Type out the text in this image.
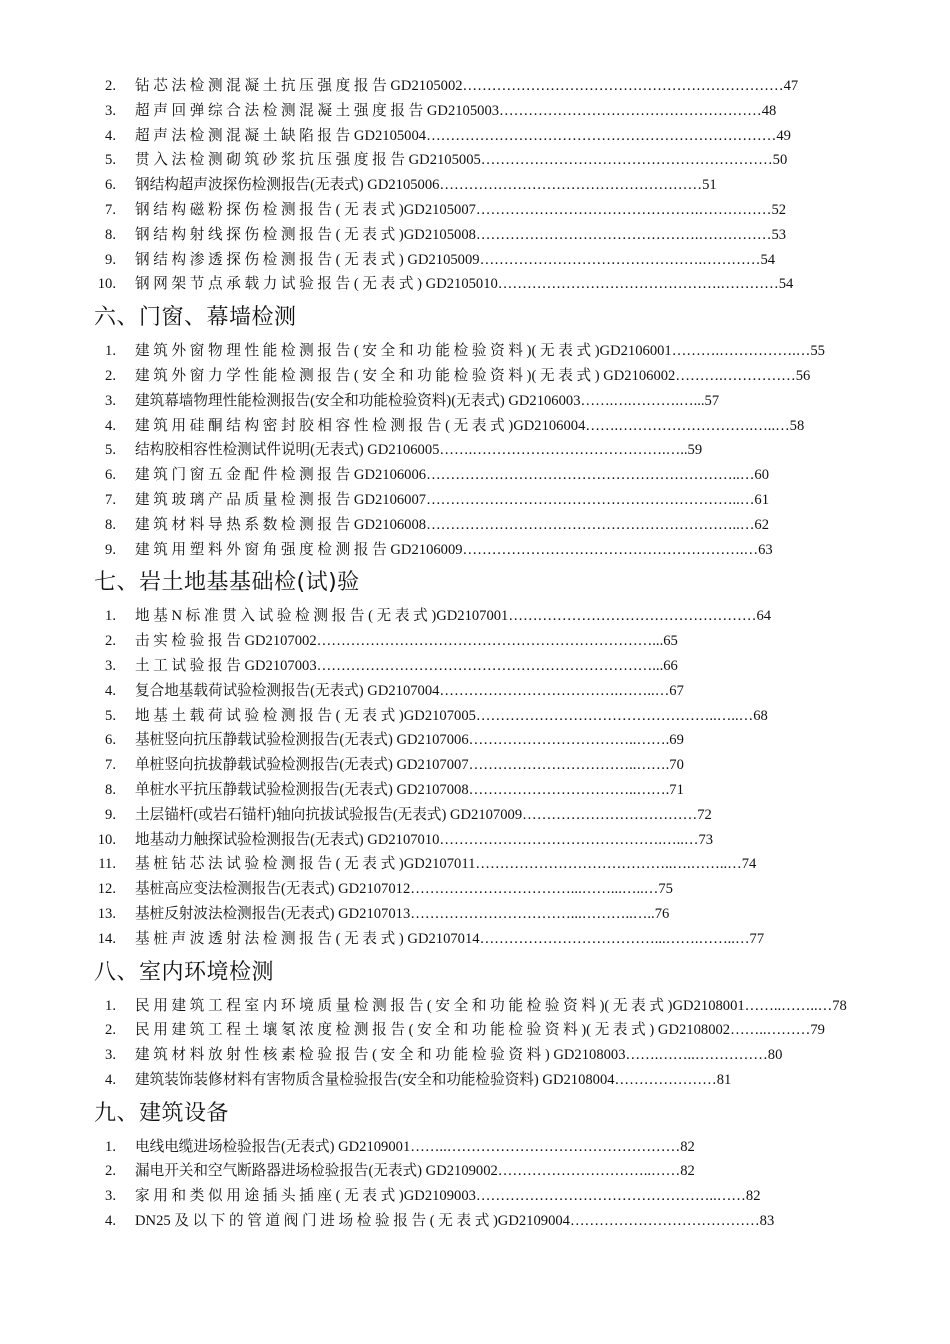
2. 钻 芯 法 检 测 混 凝 土 抗 压 强 度 报 告 GD2105002…………………………………………………………47
3. 超 声 回 弹 综 合 法 检 测 混 凝 土 强 度 报 告 GD2105003………………………………………………48
4. 超 声 法 检 测 混 凝 土 缺 陷 报 告 GD2105004………………………………………………………………49
5. 贯 入 法 检 测 砌 筑 砂 浆 抗 压 强 度 报 告 GD2105005……………………………………………………50
6. 钢结构超声波探伤检测报告(无表式) GD2105006………………………………………………51
7. 钢 结 构 磁 粉 探 伤 检 测 报 告 ( 无 表 式 )GD2105007……………………………………….……………52
8. 钢 结 构 射 线 探 伤 检 测 报 告 ( 无 表 式 )GD2105008……………………………………….……………53
9. 钢 结 构 渗 透 探 伤 检 测 报 告 ( 无 表 式 ) GD2105009……………………………………….…………54
10. 钢 网 架 节 点 承 载 力 试 验 报 告 ( 无 表 式 ) GD2105010……………………………………….…………54
六、门窗、幕墙检测
1. 建 筑 外 窗 物 理 性 能 检 测 报 告 ( 安 全 和 功 能 检 验 资 料 )( 无 表 式 )GD2106001……….…………….…55
2. 建 筑 外 窗 力 学 性 能 检 测 报 告 ( 安 全 和 功 能 检 验 资 料 )( 无 表 式 ) GD2106002……….……………56
3. 建筑幕墙物理性能检测报告(安全和功能检验资料)(无表式) GD2106003…….….……….…...57
4. 建 筑 用 硅 酮 结 构 密 封 胶 相 容 性 检 测 报 告 ( 无 表 式 )GD2106004…….……………………….…..…58
5. 结构胶相容性检测试件说明(无表式) GD2106005…….………………………………….…..59
6. 建 筑 门 窗 五 金 配 件 检 测 报 告 GD2106006………………………………………………………..…60
7. 建 筑 玻 璃 产 品 质 量 检 测 报 告 GD2106007………………………………………………………..…61
8. 建 筑 材 料 导 热 系 数 检 测 报 告 GD2106008………………………………………………………..…62
9. 建 筑 用 塑 料 外 窗 角 强 度 检 测 报 告 GD2106009………………………………………………….…63
七、岩土地基基础检(试)验
1. 地 基 N 标 准 贯 入 试 验 检 测 报 告 ( 无 表 式 )GD2107001……………………………………………64
2. 击 实 检 验 报 告 GD2107002……………………………………………………………...65
3. 土 工 试 验 报 告 GD2107003……………………………………………………………...66
4. 复合地基载荷试验检测报告(无表式) GD2107004……………………………….……..…67
5. 地 基 土 载 荷 试 验 检 测 报 告 ( 无 表 式 )GD2107005…………………………………………..…..…68
6. 基桩竖向抗压静载试验检测报告(无表式) GD2107006……………………………..…….69
7. 单桩竖向抗拔静载试验检测报告(无表式) GD2107007……………………………..…….70
8. 单桩水平抗压静载试验检测报告(无表式) GD2107008……………………………..…….71
9. 土层锚杆(或岩石锚杆)轴向抗拔试验报告(无表式) GD2107009………………………………72
10. 地基动力触探试验检测报告(无表式) GD2107010……………………………………….…..…73
11. 基 桩 钻 芯 法 试 验 检 测 报 告 ( 无 表 式 )GD2107011…………………………………..….……..…74
12. 基桩高应变法检测报告(无表式) GD2107012……………………………...……...…..…75
13. 基桩反射波法检测报告(无表式) GD2107013……………………………...………..…..76
14. 基 桩 声 波 透 射 法 检 测 报 告 ( 无 表 式 ) GD2107014………………………………...…….……..…77
八、室内环境检测
1. 民 用 建 筑 工 程 室 内 环 境 质 量 检 测 报 告 ( 安 全 和 功 能 检 验 资 料 )( 无 表 式 )GD2108001……..……..…78
2. 民 用 建 筑 工 程 土 壤 氡 浓 度 检 测 报 告 ( 安 全 和 功 能 检 验 资 料 )( 无 表 式 ) GD2108002……..………79
3. 建 筑 材 料 放 射 性 核 素 检 验 报 告 ( 安 全 和 功 能 检 验 资 料 ) GD2108003…….……..……………80
4. 建筑装饰装修材料有害物质含量检验报告(安全和功能检验资料) GD2108004…………………81
九、建筑设备
1. 电线电缆进场检验报告(无表式) GD2109001……..…………………………………………82
2. 漏电开关和空气断路器进场检验报告(无表式) GD2109002…………………………..……82
3. 家 用 和 类 似 用 途 插 头 插 座 ( 无 表 式 )GD2109003…………………………………………..……82
4. DN25 及 以 下 的 管 道 阀 门 进 场 检 验 报 告 ( 无 表 式 )GD2109004…………………………………83
